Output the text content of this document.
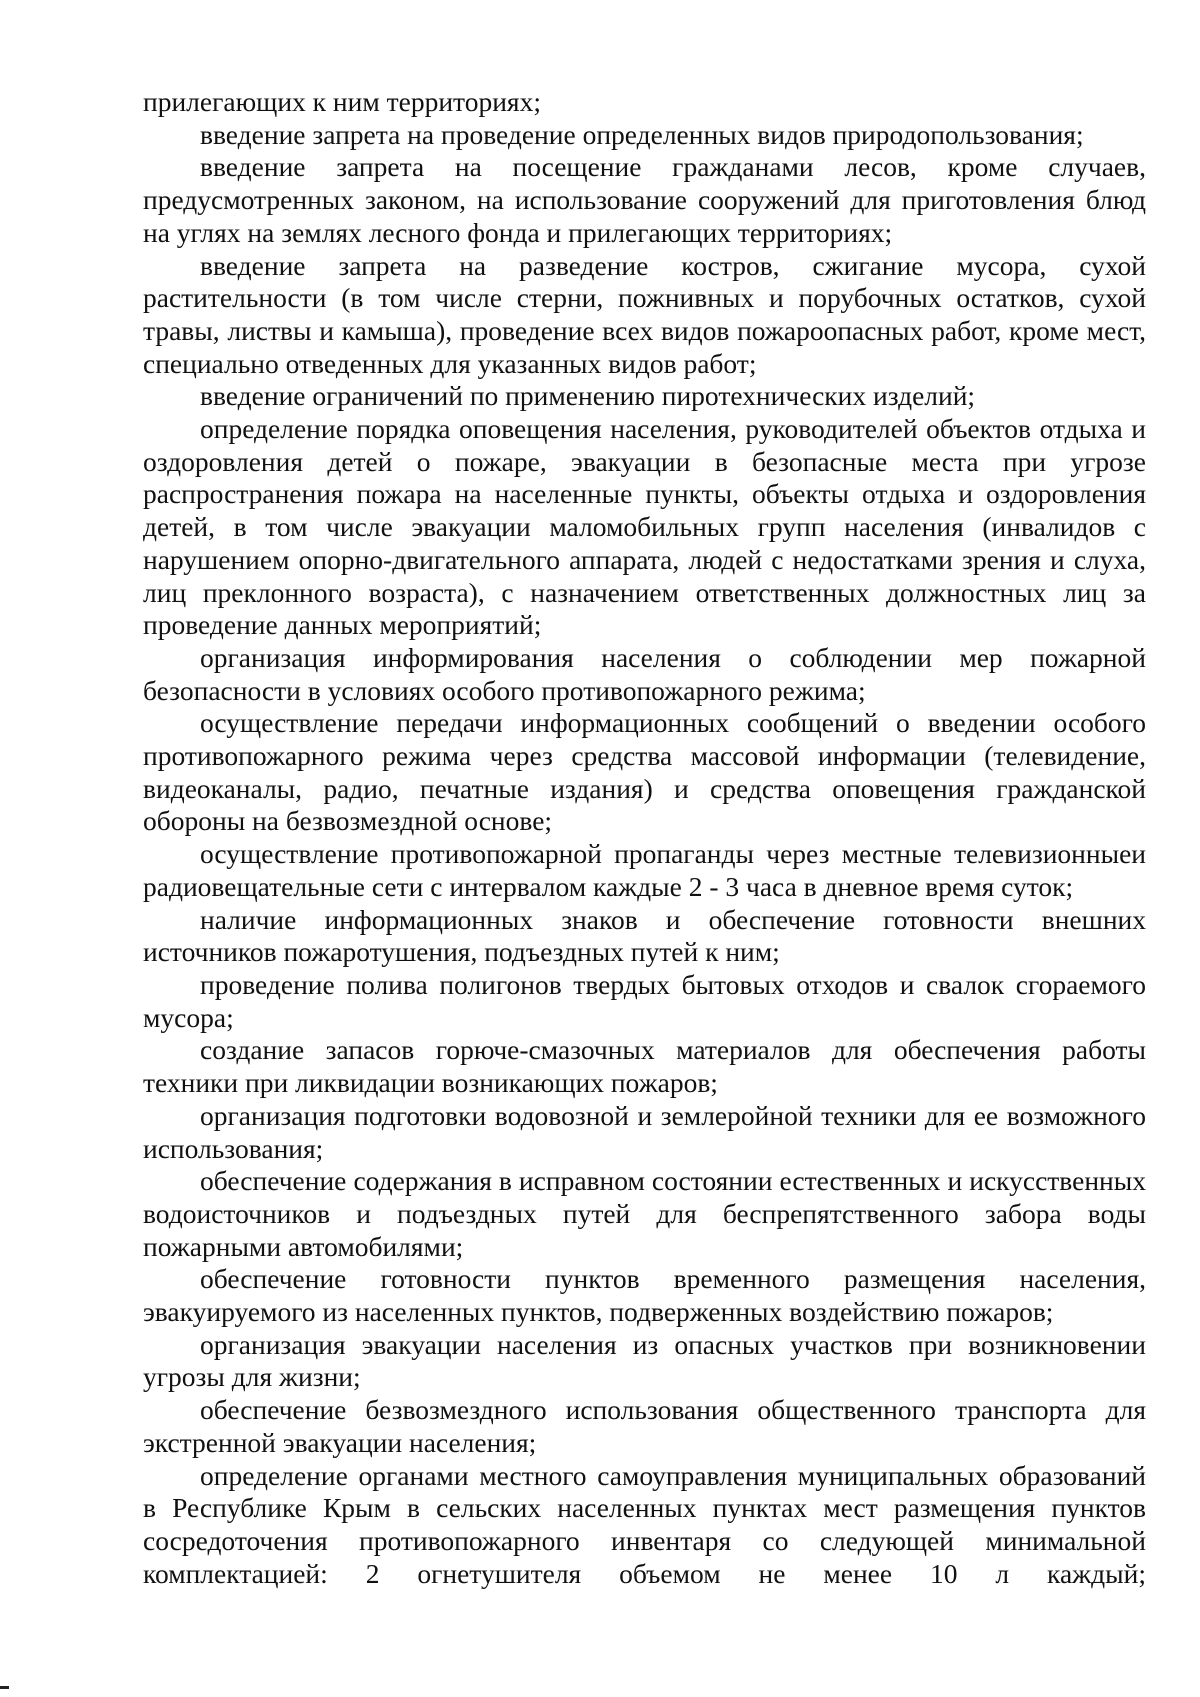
прилегающих к ним территориях;

введение запрета на проведение определенных видов природопользования;

введение запрета на посещение гражданами лесов, кроме случаев, предусмотренных законом, на использование сооружений для приготовления блюд на углях на землях лесного фонда и прилегающих территориях;

введение запрета на разведение костров, сжигание мусора, сухой растительности (в том числе стерни, пожнивных и порубочных остатков, сухой травы, листвы и камыша), проведение всех видов пожароопасных работ, кроме мест, специально отведенных для указанных видов работ;

введение ограничений по применению пиротехнических изделий;

определение порядка оповещения населения, руководителей объектов отдыха и оздоровления детей о пожаре, эвакуации в безопасные места при угрозе распространения пожара на населенные пункты, объекты отдыха и оздоровления детей, в том числе эвакуации маломобильных групп населения (инвалидов с нарушением опорно-двигательного аппарата, людей с недостатками зрения и слуха, лиц преклонного возраста), с назначением ответственных должностных лиц за проведение данных мероприятий;

организация информирования населения о соблюдении мер пожарной безопасности в условиях особого противопожарного режима;

осуществление передачи информационных сообщений о введении особого противопожарного режима через средства массовой информации (телевидение, видеоканалы, радио, печатные издания) и средства оповещения гражданской обороны на безвозмездной основе;

осуществление противопожарной пропаганды через местные телевизионныеи радиовещательные сети с интервалом каждые 2 - 3 часа в дневное время суток;

наличие информационных знаков и обеспечение готовности внешних источников пожаротушения, подъездных путей к ним;

проведение полива полигонов твердых бытовых отходов и свалок сгораемого мусора;

создание запасов горюче-смазочных материалов для обеспечения работы техники при ликвидации возникающих пожаров;

организация подготовки водовозной и землеройной техники для ее возможного использования;

обеспечение содержания в исправном состоянии естественных и искусственных водоисточников и подъездных путей для беспрепятственного забора воды пожарными автомобилями;

обеспечение готовности пунктов временного размещения населения, эвакуируемого из населенных пунктов, подверженных воздействию пожаров;

организация эвакуации населения из опасных участков при возникновении угрозы для жизни;

обеспечение безвозмездного использования общественного транспорта для экстренной эвакуации населения;

определение органами местного самоуправления муниципальных образований в Республике Крым в сельских населенных пунктах мест размещения пунктов сосредоточения противопожарного инвентаря со следующей минимальной комплектацией: 2 огнетушителя объемом не менее 10 л каждый;
